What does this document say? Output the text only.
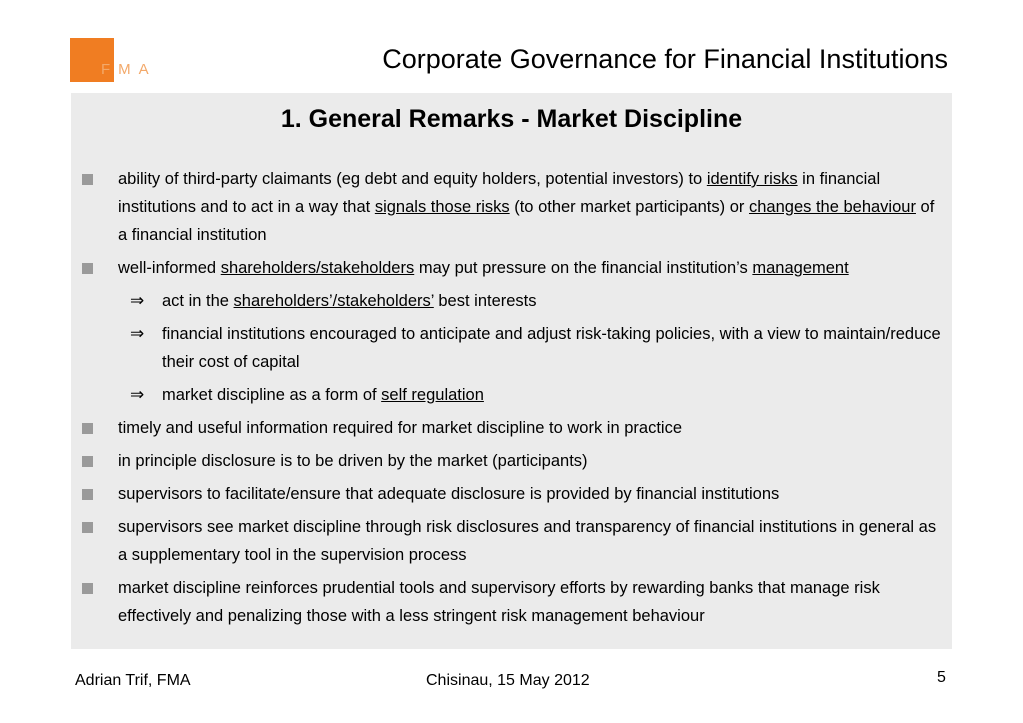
FMA	Corporate Governance for Financial Institutions
1. General Remarks - Market Discipline
ability of third-party claimants (eg debt and equity holders, potential investors) to identify risks in financial institutions and to act in a way that signals those risks (to other market participants) or changes the behaviour of a financial institution
well-informed shareholders/stakeholders may put pressure on the financial institution’s management
⇒ act in the shareholders’/stakeholders’ best interests
⇒ financial institutions encouraged to anticipate and adjust risk-taking policies, with a view to maintain/reduce their cost of capital
⇒ market discipline as a form of self regulation
timely and useful information required for market discipline to work in practice
in principle disclosure is to be driven by the market (participants)
supervisors to facilitate/ensure that adequate disclosure is provided by financial institutions
supervisors see market discipline through risk disclosures and transparency of financial institutions in general as a supplementary tool in the supervision process
market discipline reinforces prudential tools and supervisory efforts by rewarding banks that manage risk effectively and penalizing those with a less stringent risk management behaviour
Adrian Trif, FMA	Chisinau, 15 May 2012	5
